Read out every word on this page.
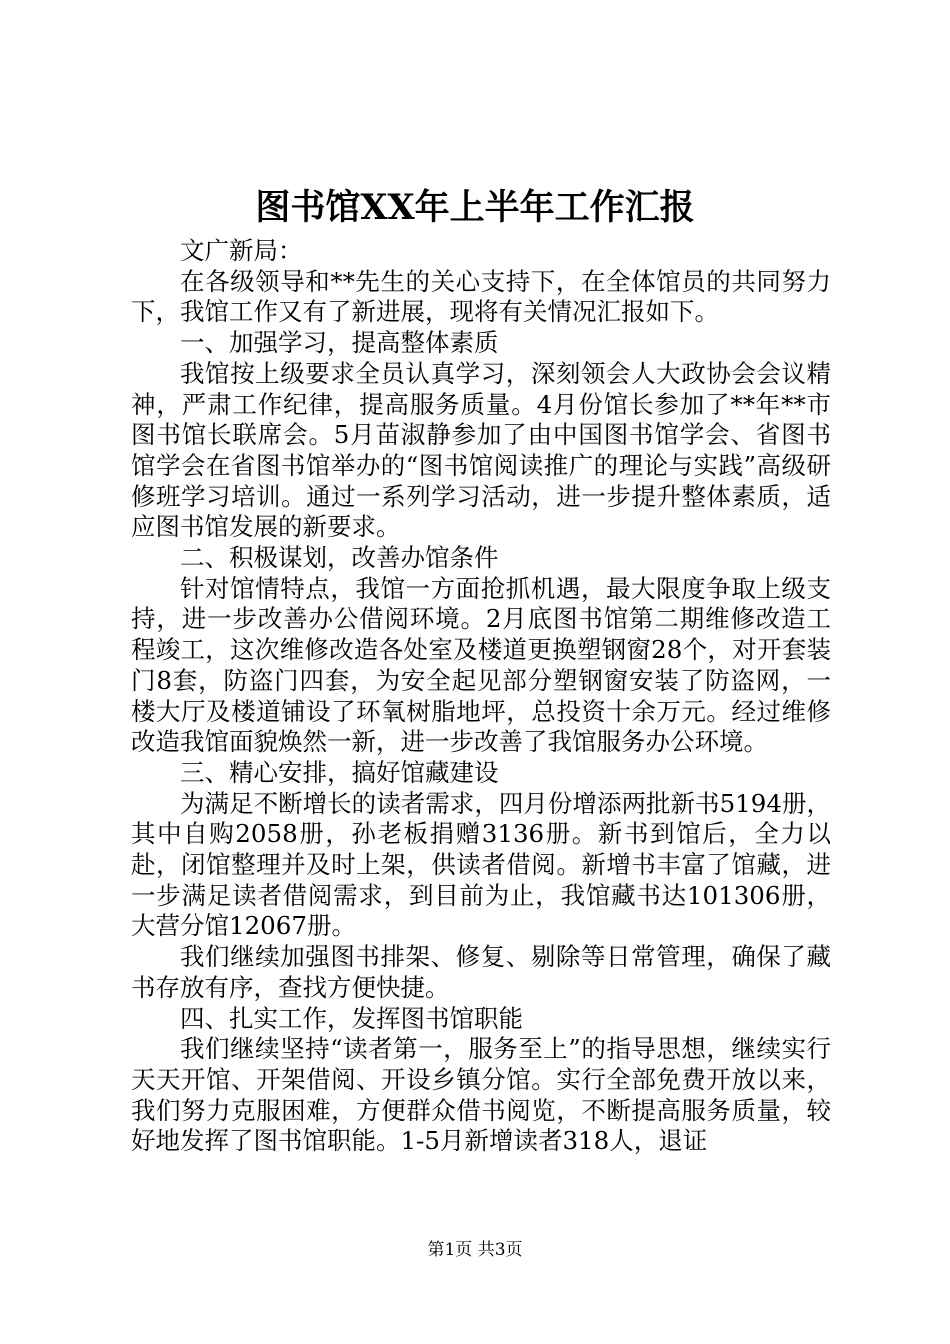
图书馆XX年上半年工作汇报

文广新局：

在各级领导和**先生的关心支持下，在全体馆员的共同努力下，我馆工作又有了新进展，现将有关情况汇报如下。

一、加强学习，提高整体素质

我馆按上级要求全员认真学习，深刻领会人大政协会会议精神，严肃工作纪律，提高服务质量。4月份馆长参加了**年**市图书馆长联席会。5月苗淑静参加了由中国图书馆学会、省图书馆学会在省图书馆举办的“图书馆阅读推广的理论与实践”高级研修班学习培训。通过一系列学习活动，进一步提升整体素质，适应图书馆发展的新要求。

二、积极谋划，改善办馆条件

针对馆情特点，我馆一方面抢抓机遇，最大限度争取上级支持，进一步改善办公借阅环境。2月底图书馆第二期维修改造工程竣工，这次维修改造各处室及楼道更换塑钢窗28个，对开套装门8套，防盗门四套，为安全起见部分塑钢窗安装了防盗网，一楼大厅及楼道铺设了环氧树脂地坪，总投资十余万元。经过维修改造我馆面貌焕然一新，进一步改善了我馆服务办公环境。

三、精心安排，搞好馆藏建设

为满足不断增长的读者需求，四月份增添两批新书5194册，其中自购2058册，孙老板捐赠3136册。新书到馆后，全力以赴，闭馆整理并及时上架，供读者借阅。新增书丰富了馆藏，进一步满足读者借阅需求，到目前为止，我馆藏书达101306册，大营分馆12067册。

我们继续加强图书排架、修复、剔除等日常管理，确保了藏书存放有序，查找方便快捷。

四、扎实工作，发挥图书馆职能

我们继续坚持“读者第一，服务至上”的指导思想，继续实行天天开馆、开架借阅、开设乡镇分馆。实行全部免费开放以来，我们努力克服困难，方便群众借书阅览，不断提高服务质量，较好地发挥了图书馆职能。1-5月新增读者318人，退证

第1页 共3页
